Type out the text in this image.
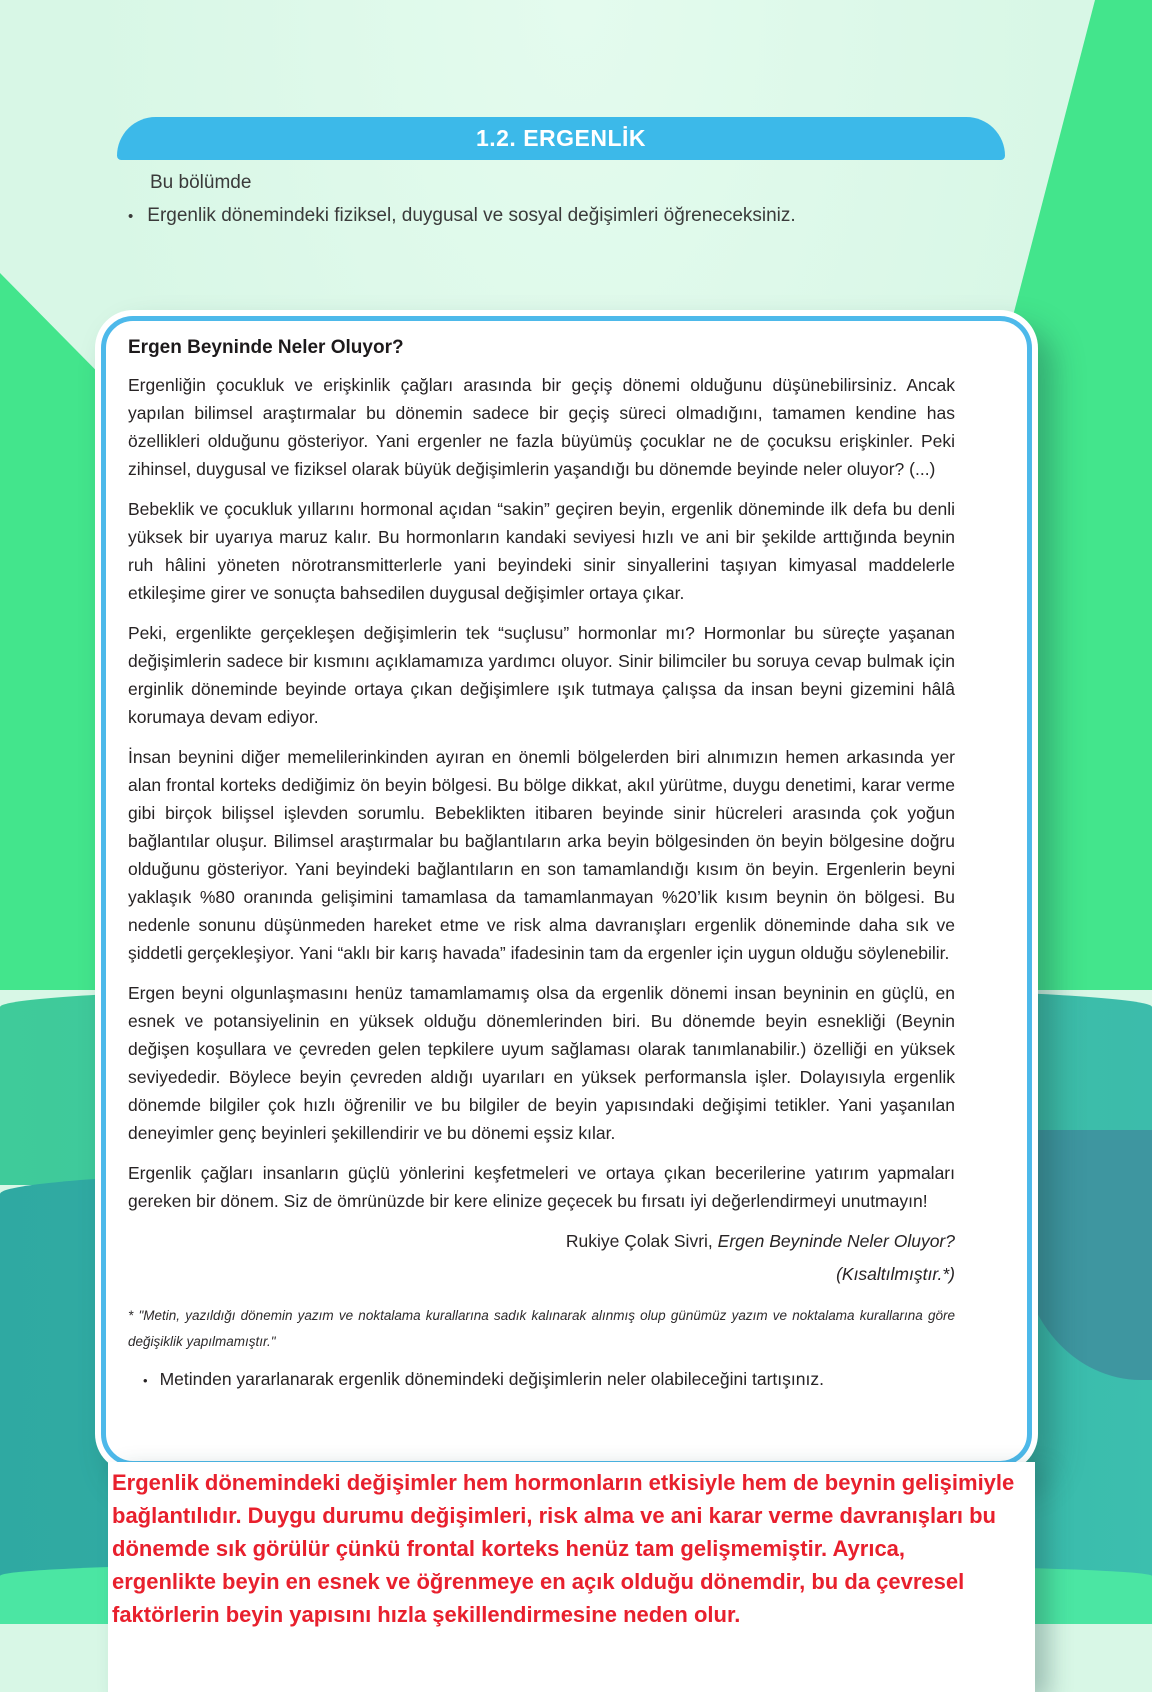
1.2. ERGENLİK
Bu bölümde
• Ergenlik dönemindeki fiziksel, duygusal ve sosyal değişimleri öğreneceksiniz.
Ergen Beyninde Neler Oluyor?

Ergenliğin çocukluk ve erişkinlik çağları arasında bir geçiş dönemi olduğunu düşünebilirsiniz. Ancak yapılan bilimsel araştırmalar bu dönemin sadece bir geçiş süreci olmadığını, tamamen kendine has özellikleri olduğunu gösteriyor. Yani ergenler ne fazla büyümüş çocuklar ne de çocuksu erişkinler. Peki zihinsel, duygusal ve fiziksel olarak büyük değişimlerin yaşandığı bu dönemde beyinde neler oluyor? (...)

Bebeklik ve çocukluk yıllarını hormonal açıdan “sakin” geçiren beyin, ergenlik döneminde ilk defa bu denli yüksek bir uyarıya maruz kalır. Bu hormonların kandaki seviyesi hızlı ve ani bir şekilde arttığında beynin ruh hâlini yöneten nörotransmitterlerle yani beyindeki sinir sinyallerini taşıyan kimyasal maddelerle etkileşime girer ve sonuçta bahsedilen duygusal değişimler ortaya çıkar.

Peki, ergenlikte gerçekleşen değişimlerin tek “suçlusu” hormonlar mı? Hormonlar bu süreçte yaşanan değişimlerin sadece bir kısmını açıklamamıza yardımcı oluyor. Sinir bilimciler bu soruya cevap bulmak için erginlik döneminde beyinde ortaya çıkan değişimlere ışık tutmaya çalışsa da insan beyni gizemini hâlâ korumaya devam ediyor.

İnsan beynini diğer memelilerinkinden ayıran en önemli bölgelerden biri alnımızın hemen arkasında yer alan frontal korteks dediğimiz ön beyin bölgesi. Bu bölge dikkat, akıl yürütme, duygu denetimi, karar verme gibi birçok bilişsel işlevden sorumlu. Bebeklikten itibaren beyinde sinir hücreleri arasında çok yoğun bağlantılar oluşur. Bilimsel araştırmalar bu bağlantıların arka beyin bölgesinden ön beyin bölgesine doğru olduğunu gösteriyor. Yani beyindeki bağlantıların en son tamamlandığı kısım ön beyin. Ergenlerin beyni yaklaşık %80 oranında gelişimini tamamlasa da tamamlanmayan %20’lik kısım beynin ön bölgesi. Bu nedenle sonunu düşünmeden hareket etme ve risk alma davranışları ergenlik döneminde daha sık ve şiddetli gerçekleşiyor. Yani “aklı bir karış havada” ifadesinin tam da ergenler için uygun olduğu söylenebilir.

Ergen beyni olgunlaşmasını henüz tamamlamamış olsa da ergenlik dönemi insan beyninin en güçlü, en esnek ve potansiyelinin en yüksek olduğu dönemlerinden biri. Bu dönemde beyin esnekliği (Beynin değişen koşullara ve çevreden gelen tepkilere uyum sağlaması olarak tanımlanabilir.) özelliği en yüksek seviyededir. Böylece beyin çevreden aldığı uyarıları en yüksek performansla işler. Dolayısıyla ergenlik dönemde bilgiler çok hızlı öğrenilir ve bu bilgiler de beyin yapısındaki değişimi tetikler. Yani yaşanılan deneyimler genç beyinleri şekillendirir ve bu dönemi eşsiz kılar.

Ergenlik çağları insanların güçlü yönlerini keşfetmeleri ve ortaya çıkan becerilerine yatırım yapmaları gereken bir dönem. Siz de ömrünüzde bir kere elinize geçecek bu fırsatı iyi değerlendirmeyi unutmayın!

Rukiye Çolak Sivri, Ergen Beyninde Neler Oluyor?
(Kısaltılmıştır.*)
* "Metin, yazıldığı dönemin yazım ve noktalama kurallarına sadık kalınarak alınmış olup günümüz yazım ve noktalama kurallarına göre değişiklik yapılmamıştır."
• Metinden yararlanarak ergenlik dönemindeki değişimlerin neler olabileceğini tartışınız.
Ergenlik dönemindeki değişimler hem hormonların etkisiyle hem de beynin gelişimiyle bağlantılıdır. Duygu durumu değişimleri, risk alma ve ani karar verme davranışları bu dönemde sık görülür çünkü frontal korteks henüz tam gelişmemiştir. Ayrıca, ergenlikte beyin en esnek ve öğrenmeye en açık olduğu dönemdir, bu da çevresel faktörlerin beyin yapısını hızla şekillendirmesine neden olur.
